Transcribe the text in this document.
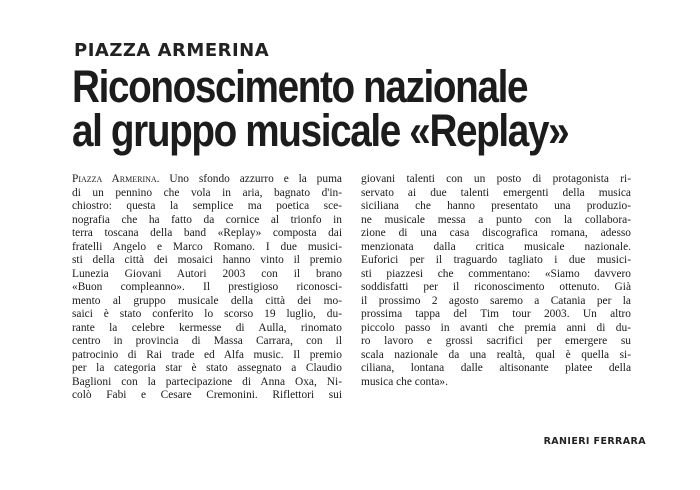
PIAZZA ARMERINA
Riconoscimento nazionale
al gruppo musicale «Replay»
Piazza Armerina. Uno sfondo azzurro e la puma
di un pennino che vola in aria, bagnato d'in-
chiostro: questa la semplice ma poetica sce-
nografia che ha fatto da cornice al trionfo in
terra toscana della band «Replay» composta dai
fratelli Angelo e Marco Romano. I due musici-
sti della città dei mosaici hanno vinto il premio
Lunezia Giovani Autori 2003 con il brano
«Buon compleanno». Il prestigioso riconosci-
mento al gruppo musicale della città dei mo-
saici è stato conferito lo scorso 19 luglio, du-
rante la celebre kermesse di Aulla, rinomato
centro in provincia di Massa Carrara, con il
patrocinio di Rai trade ed Alfa music. Il premio
per la categoria star è stato assegnato a Claudio
Baglioni con la partecipazione di Anna Oxa, Ni-
colò Fabi e Cesare Cremonini. Riflettori sui
giovani talenti con un posto di protagonista ri-
servato ai due talenti emergenti della musica
siciliana che hanno presentato una produzio-
ne musicale messa a punto con la collabora-
zione di una casa discografica romana, adesso
menzionata dalla critica musicale nazionale.
Euforici per il traguardo tagliato i due musici-
sti piazzesi che commentano: «Siamo davvero
soddisfatti per il riconoscimento ottenuto. Già
il prossimo 2 agosto saremo a Catania per la
prossima tappa del Tim tour 2003. Un altro
piccolo passo in avanti che premia anni di du-
ro lavoro e grossi sacrifici per emergere su
scala nazionale da una realtà, qual è quella si-
ciliana, lontana dalle altisonante platee della
musica che conta».
RANIERI FERRARA
